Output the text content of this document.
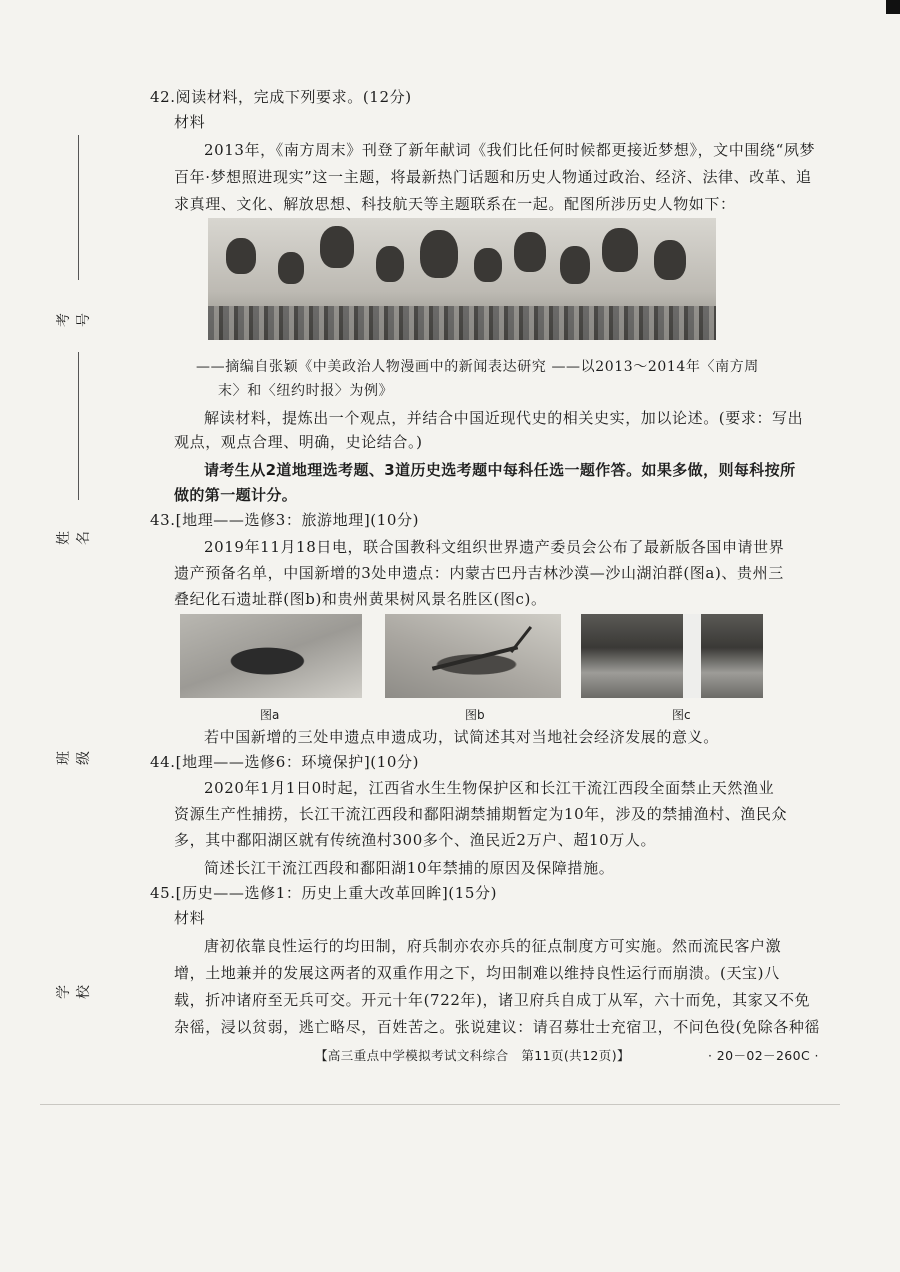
考号
姓名
班级
学校
42.阅读材料，完成下列要求。(12分)
材料
2013年，《南方周末》刊登了新年献词《我们比任何时候都更接近梦想》，文中围绕“夙梦
百年·梦想照进现实”这一主题，将最新热门话题和历史人物通过政治、经济、法律、改革、追
求真理、文化、解放思想、科技航天等主题联系在一起。配图所涉历史人物如下：
——摘编自张颖《中美政治人物漫画中的新闻表达研究 ——以2013～2014年〈南方周
末〉和〈纽约时报〉为例》
解读材料，提炼出一个观点，并结合中国近现代史的相关史实，加以论述。(要求：写出
观点，观点合理、明确，史论结合。)
请考生从2道地理选考题、3道历史选考题中每科任选一题作答。如果多做，则每科按所
做的第一题计分。
43.[地理——选修3：旅游地理](10分)
2019年11月18日电，联合国教科文组织世界遗产委员会公布了最新版各国申请世界
遗产预备名单，中国新增的3处申遗点：内蒙古巴丹吉林沙漠—沙山湖泊群(图a)、贵州三
叠纪化石遗址群(图b)和贵州黄果树风景名胜区(图c)。
图a	图b	图c
若中国新增的三处申遗点申遗成功，试简述其对当地社会经济发展的意义。
44.[地理——选修6：环境保护](10分)
2020年1月1日0时起，江西省水生生物保护区和长江干流江西段全面禁止天然渔业
资源生产性捕捞，长江干流江西段和鄱阳湖禁捕期暂定为10年，涉及的禁捕渔村、渔民众
多，其中鄱阳湖区就有传统渔村300多个、渔民近2万户、超10万人。
简述长江干流江西段和鄱阳湖10年禁捕的原因及保障措施。
45.[历史——选修1：历史上重大改革回眸](15分)
材料
唐初依靠良性运行的均田制，府兵制亦农亦兵的征点制度方可实施。然而流民客户激
增，土地兼并的发展这两者的双重作用之下，均田制难以维持良性运行而崩溃。(天宝)八
载，折冲诸府至无兵可交。开元十年(722年)，诸卫府兵自成丁从军，六十而免，其家又不免
杂徭，浸以贫弱，逃亡略尽，百姓苦之。张说建议：请召募壮士充宿卫，不问色役(免除各种徭
【高三重点中学模拟考试文科综合　第11页(共12页)】	· 20－02－260C ·
